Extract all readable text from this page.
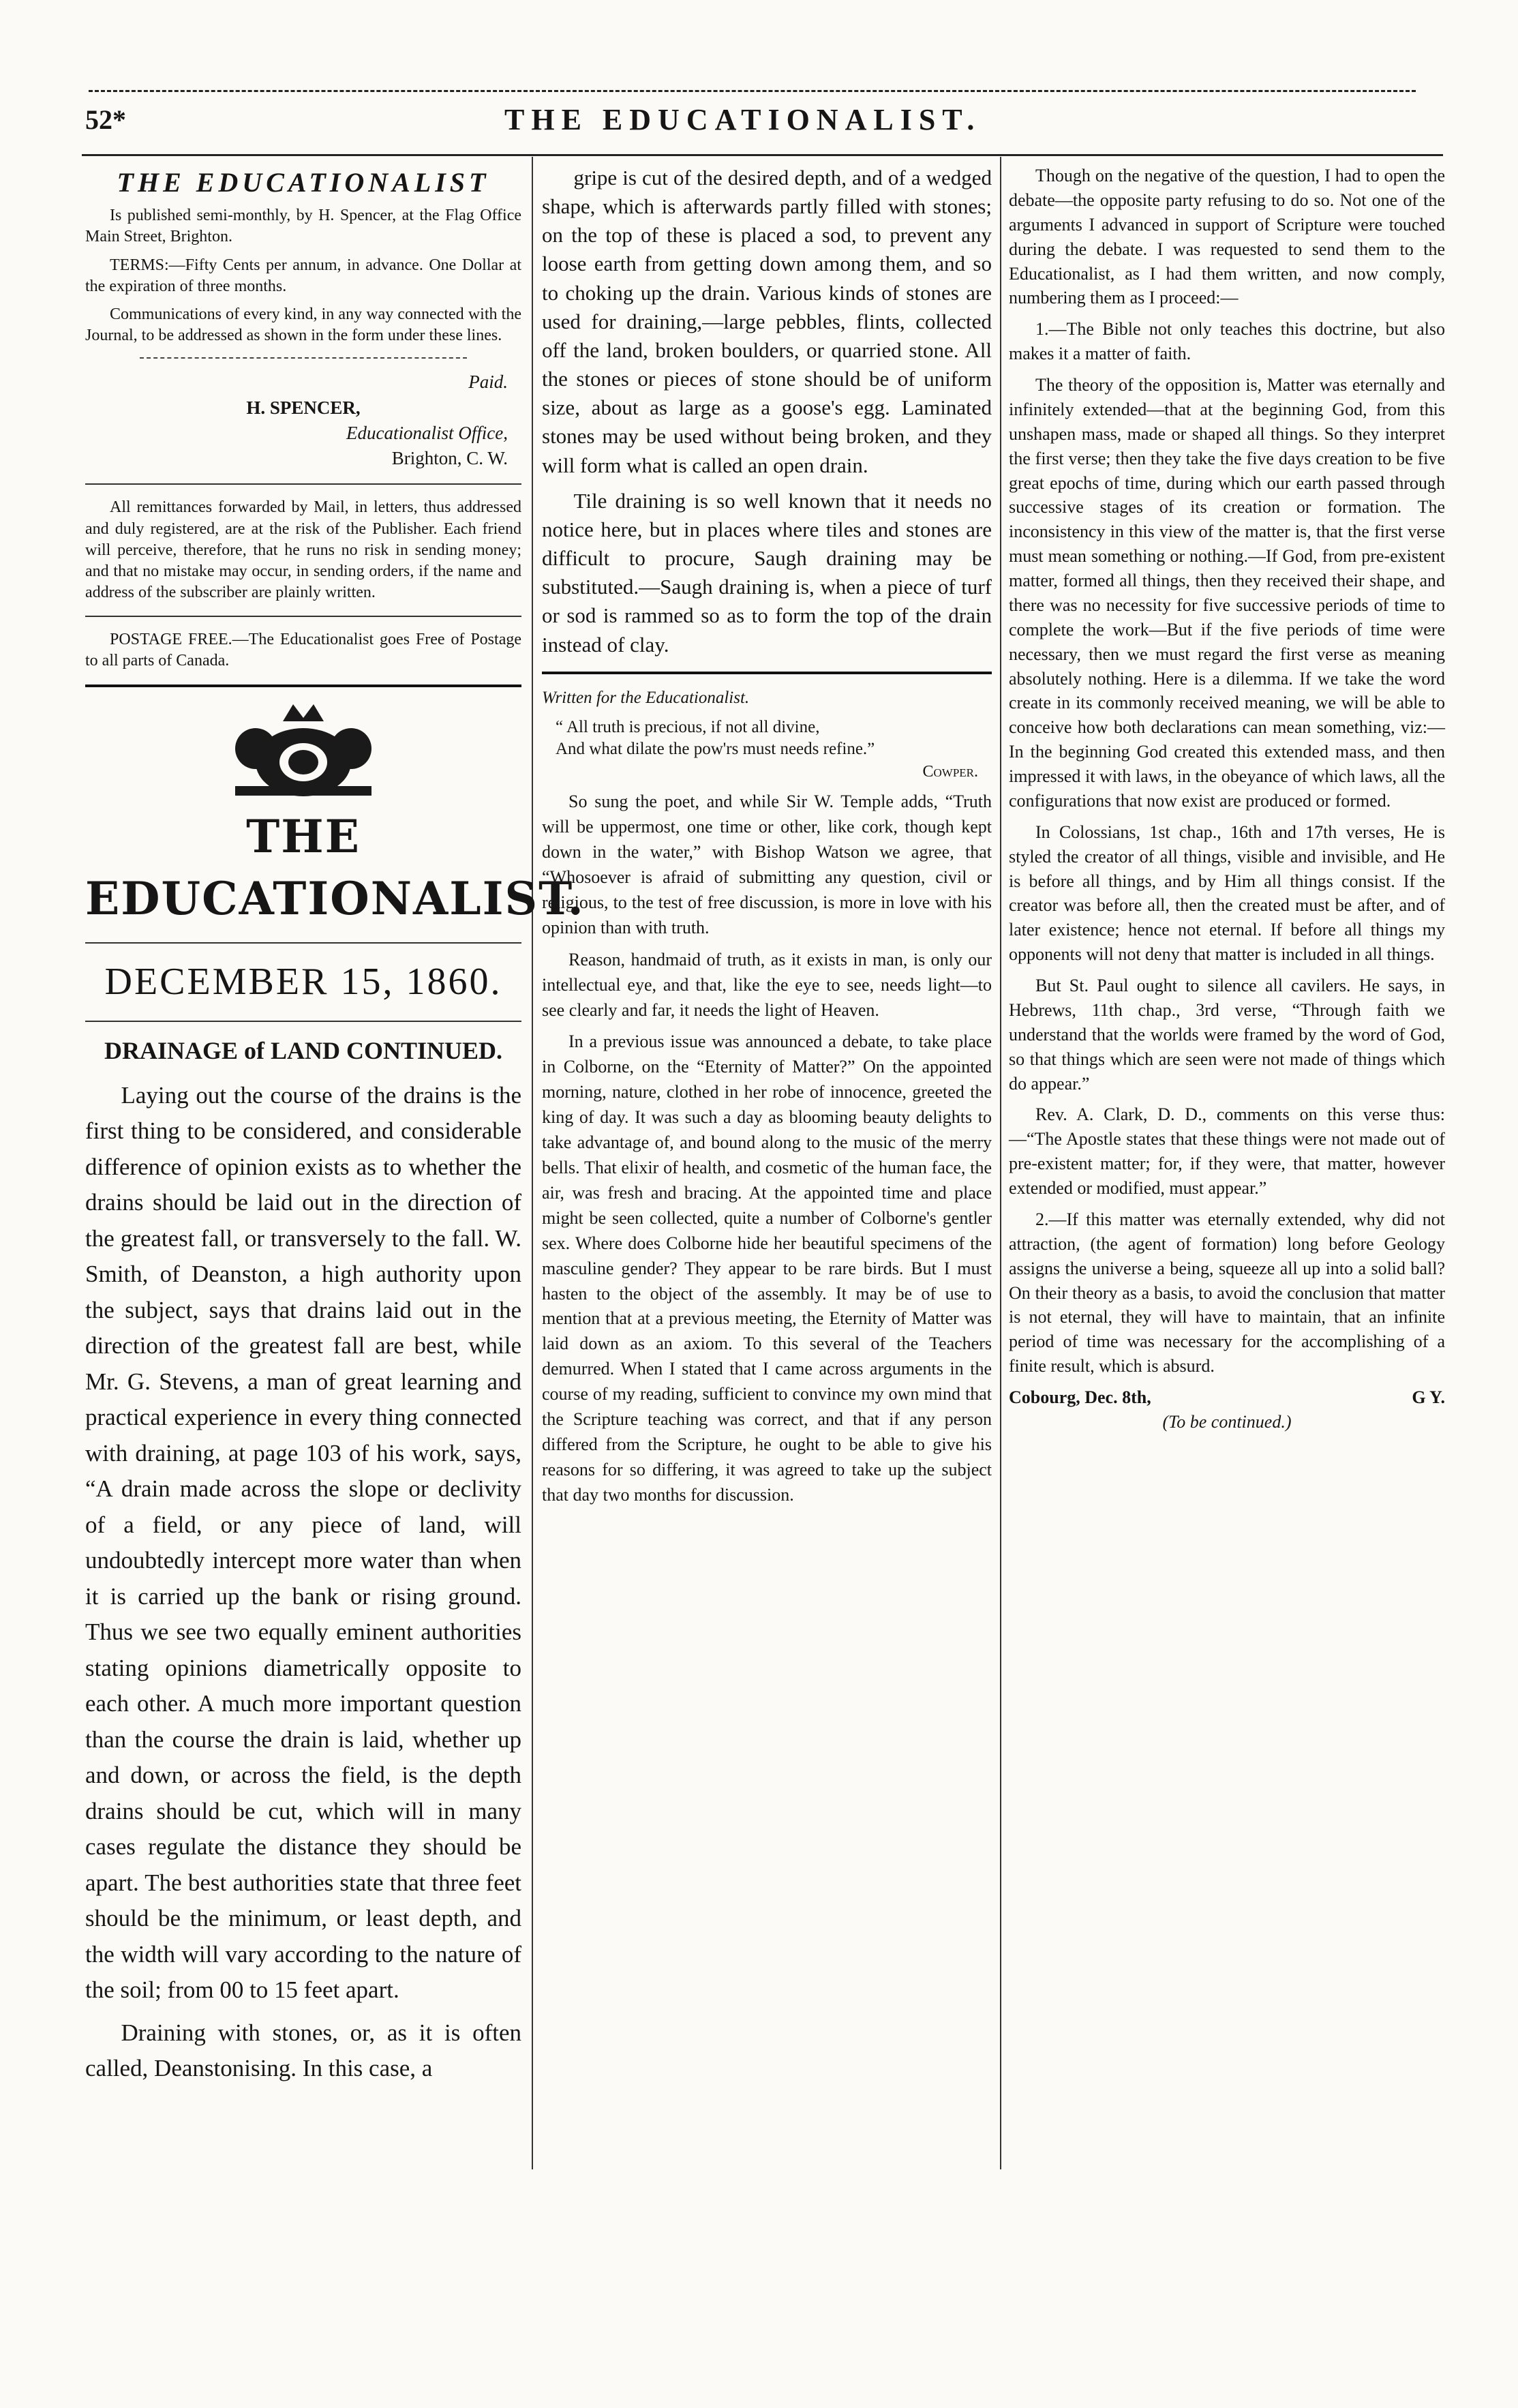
52*	THE EDUCATIONALIST.
THE EDUCATIONALIST

Is published semi-monthly, by H. Spencer, at the Flag Office Main Street, Brighton.

TERMS:—Fifty Cents per annum, in advance. One Dollar at the expiration of three months.

Communications of every kind, in any way connected with the Journal, to be addressed as shown in the form under these lines.

Paid.
H. SPENCER,
Educationalist Office,
Brighton, C. W.

All remittances forwarded by Mail, in letters, thus addressed and duly registered, are at the risk of the Publisher. Each friend will perceive, therefore, that he runs no risk in sending money; and that no mistake may occur, in sending orders, if the name and address of the subscriber are plainly written.

POSTAGE FREE.—The Educationalist goes Free of Postage to all parts of Canada.

THE EDUCATIONALIST.
DECEMBER 15, 1860.
DRAINAGE of LAND CONTINUED.

Laying out the course of the drains is the first thing to be considered, and considerable difference of opinion exists as to whether the drains should be laid out in the direction of the greatest fall, or transversely to the fall. W. Smith, of Deanston, a high authority upon the subject, says that drains laid out in the direction of the greatest fall are best, while Mr. G. Stevens, a man of great learning and practical experience in every thing connected with draining, at page 103 of his work, says, “A drain made across the slope or declivity of a field, or any piece of land, will undoubtedly intercept more water than when it is carried up the bank or rising ground. Thus we see two equally eminent authorities stating opinions diametrically opposite to each other. A much more important question than the course the drain is laid, whether up and down, or across the field, is the depth drains should be cut, which will in many cases regulate the distance they should be apart. The best authorities state that three feet should be the minimum, or least depth, and the width will vary according to the nature of the soil; from 00 to 15 feet apart.

Draining with stones, or, as it is often called, Deanstonising. In this case, a

gripe is cut of the desired depth, and of a wedged shape, which is afterwards partly filled with stones; on the top of these is placed a sod, to prevent any loose earth from getting down among them, and so to choking up the drain. Various kinds of stones are used for draining,—large pebbles, flints, collected off the land, broken boulders, or quarried stone. All the stones or pieces of stone should be of uniform size, about as large as a goose's egg. Laminated stones may be used without being broken, and they will form what is called an open drain.

Tile draining is so well known that it needs no notice here, but in places where tiles and stones are difficult to procure, Saugh draining may be substituted.—Saugh draining is, when a piece of turf or sod is rammed so as to form the top of the drain instead of clay.

Written for the Educationalist.
“ All truth is precious, if not all divine,
And what dilate the pow'rs must needs refine.”
Cowper.

So sung the poet, and while Sir W. Temple adds, “Truth will be uppermost, one time or other, like cork, though kept down in the water,” with Bishop Watson we agree, that “Whosoever is afraid of submitting any question, civil or religious, to the test of free discussion, is more in love with his opinion than with truth.

Reason, handmaid of truth, as it exists in man, is only our intellectual eye, and that, like the eye to see, needs light—to see clearly and far, it needs the light of Heaven.

In a previous issue was announced a debate, to take place in Colborne, on the “Eternity of Matter?” On the appointed morning, nature, clothed in her robe of innocence, greeted the king of day. It was such a day as blooming beauty delights to take advantage of, and bound along to the music of the merry bells. That elixir of health, and cosmetic of the human face, the air, was fresh and bracing. At the appointed time and place might be seen collected, quite a number of Colborne's gentler sex. Where does Colborne hide her beautiful specimens of the masculine gender? They appear to be rare birds. But I must hasten to the object of the assembly. It may be of use to mention that at a previous meeting, the Eternity of Matter was laid down as an axiom. To this several of the Teachers demurred. When I stated that I came across arguments in the course of my reading, sufficient to convince my own mind that the Scripture teaching was correct, and that if any person differed from the Scripture, he ought to be able to give his reasons for so differing, it was agreed to take up the subject that day two months for discussion.

Though on the negative of the question, I had to open the debate—the opposite party refusing to do so. Not one of the arguments I advanced in support of Scripture were touched during the debate. I was requested to send them to the Educationalist, as I had them written, and now comply, numbering them as I proceed:—

1.—The Bible not only teaches this doctrine, but also makes it a matter of faith.

The theory of the opposition is, Matter was eternally and infinitely extended—that at the beginning God, from this unshapen mass, made or shaped all things. So they interpret the first verse; then they take the five days creation to be five great epochs of time, during which our earth passed through successive stages of its creation or formation. The inconsistency in this view of the matter is, that the first verse must mean something or nothing.—If God, from pre-existent matter, formed all things, then they received their shape, and there was no necessity for five successive periods of time to complete the work—But if the five periods of time were necessary, then we must regard the first verse as meaning absolutely nothing. Here is a dilemma. If we take the word create in its commonly received meaning, we will be able to conceive how both declarations can mean something, viz:—In the beginning God created this extended mass, and then impressed it with laws, in the obeyance of which laws, all the configurations that now exist are produced or formed.

In Colossians, 1st chap., 16th and 17th verses, He is styled the creator of all things, visible and invisible, and He is before all things, and by Him all things consist. If the creator was before all, then the created must be after, and of later existence; hence not eternal. If before all things my opponents will not deny that matter is included in all things.

But St. Paul ought to silence all cavilers. He says, in Hebrews, 11th chap., 3rd verse, “Through faith we understand that the worlds were framed by the word of God, so that things which are seen were not made of things which do appear.”

Rev. A. Clark, D. D., comments on this verse thus:—“The Apostle states that these things were not made out of pre-existent matter; for, if they were, that matter, however extended or modified, must appear.”

2.—If this matter was eternally extended, why did not attraction, (the agent of formation) long before Geology assigns the universe a being, squeeze all up into a solid ball? On their theory as a basis, to avoid the conclusion that matter is not eternal, they will have to maintain, that an infinite period of time was necessary for the accomplishing of a finite result, which is absurd.

Cobourg, Dec. 8th,	G Y.
(To be continued.)
